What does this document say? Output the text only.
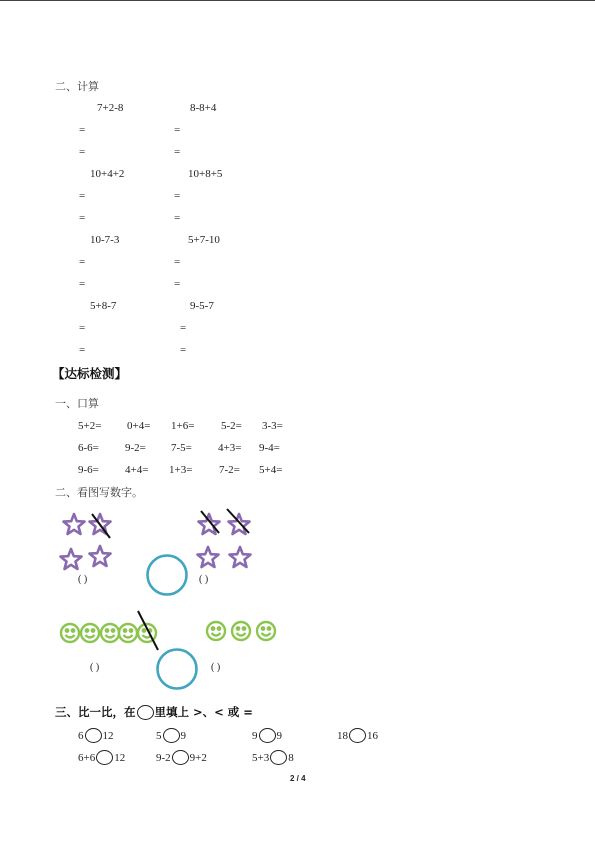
二、计算
7+2-8	8-8+4
=	=
=	=
10+4+2	10+8+5
=	=
=	=
10-7-3	5+7-10
=	=
=	=
5+8-7	9-5-7
=	=
=	=
【达标检测】
一、口算
5+2= 0+4= 1+6= 5-2= 3-3=
6-6= 9-2= 7-5= 4+3= 9-4=
9-6= 4+4= 1+3= 7-2= 5+4=
二、看图写数字。
( )	( )
( )	( )
三、比一比，在 里填上 >、< 或 =
6 12	5 9	9 9	18 16
6+6 12	9-2 9+2	5+3 8
2 / 4
